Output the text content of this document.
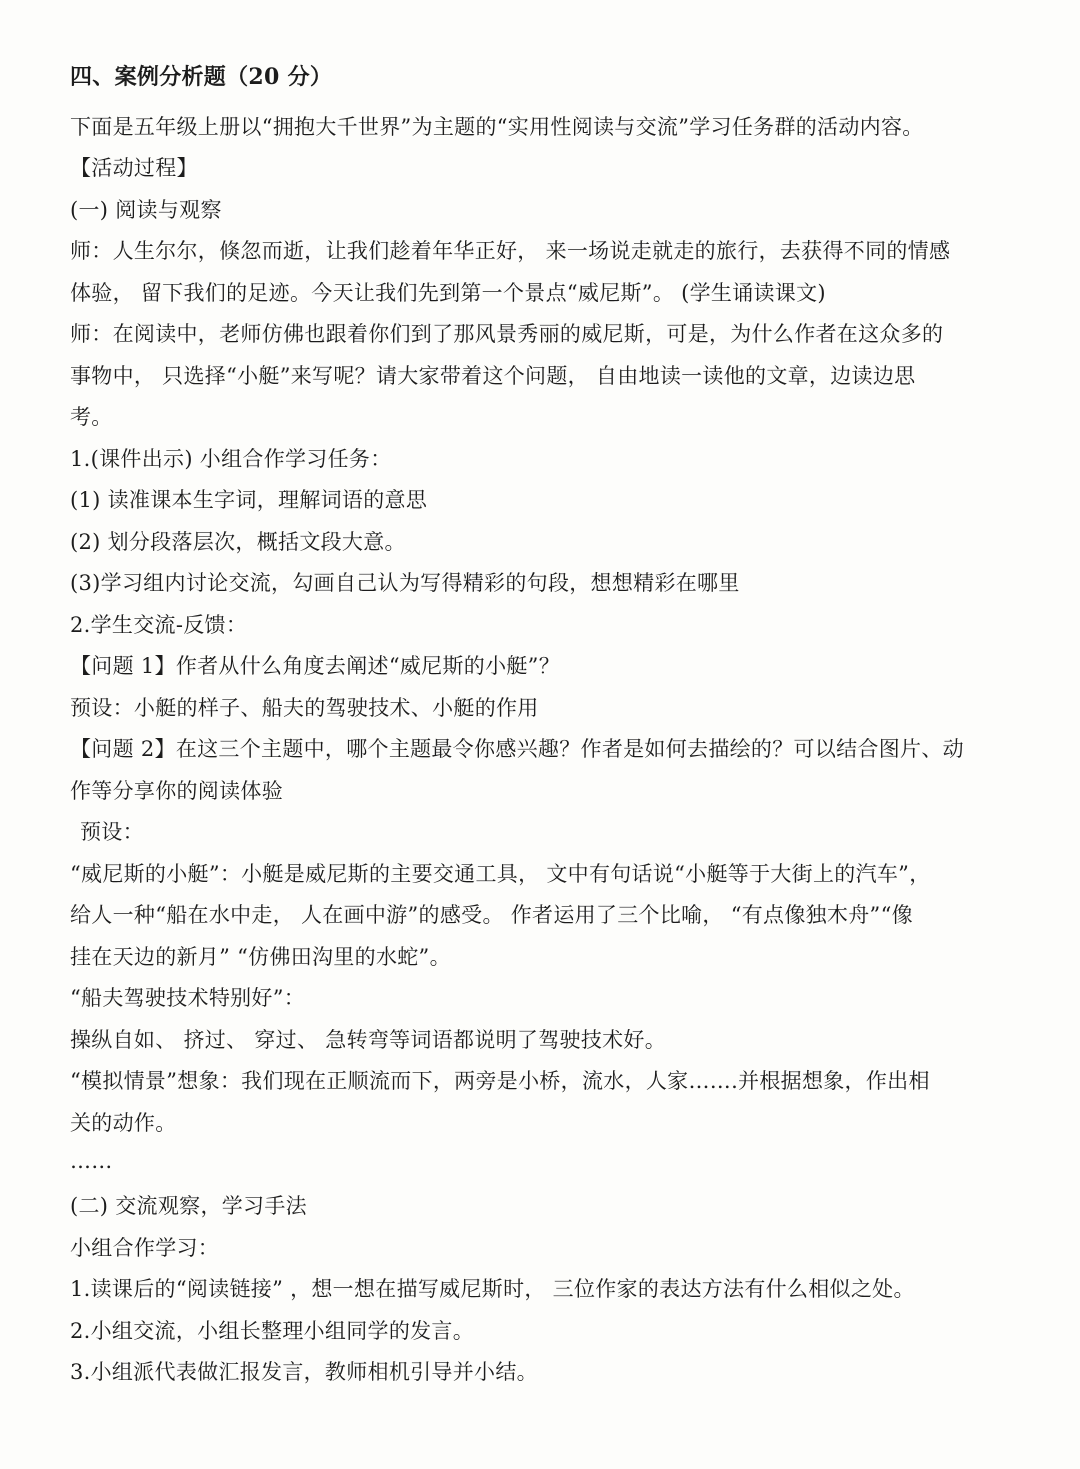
四、案例分析题（20 分）
下面是五年级上册以“拥抱大千世界”为主题的“实用性阅读与交流”学习任务群的活动内容。
【活动过程】
(一) 阅读与观察
师：人生尔尔，倏忽而逝，让我们趁着年华正好， 来一场说走就走的旅行，去获得不同的情感
体验， 留下我们的足迹。今天让我们先到第一个景点“威尼斯”。 (学生诵读课文)
师：在阅读中，老师仿佛也跟着你们到了那风景秀丽的威尼斯，可是，为什么作者在这众多的
事物中， 只选择“小艇”来写呢？请大家带着这个问题， 自由地读一读他的文章，边读边思
考。
1.(课件出示) 小组合作学习任务：
(1) 读准课本生字词，理解词语的意思
(2) 划分段落层次，概括文段大意。
(3)学习组内讨论交流，勾画自己认为写得精彩的句段，想想精彩在哪里
2.学生交流-反馈：
【问题 1】作者从什么角度去阐述“威尼斯的小艇”？
预设：小艇的样子、船夫的驾驶技术、小艇的作用
【问题 2】在这三个主题中，哪个主题最令你感兴趣？作者是如何去描绘的？可以结合图片、动
作等分享你的阅读体验
预设：
“威尼斯的小艇”：小艇是威尼斯的主要交通工具， 文中有句话说“小艇等于大街上的汽车”，
给人一种“船在水中走， 人在画中游”的感受。 作者运用了三个比喻， “有点像独木舟”“像
挂在天边的新月” “仿佛田沟里的水蛇”。
“船夫驾驶技术特别好”：
操纵自如、 挤过、 穿过、 急转弯等词语都说明了驾驶技术好。
“模拟情景”想象：我们现在正顺流而下，两旁是小桥，流水，人家…….并根据想象，作出相
关的动作。
……
(二) 交流观察，学习手法
小组合作学习：
1.读课后的“阅读链接” ，想一想在描写威尼斯时， 三位作家的表达方法有什么相似之处。
2.小组交流，小组长整理小组同学的发言。
3.小组派代表做汇报发言，教师相机引导并小结。
